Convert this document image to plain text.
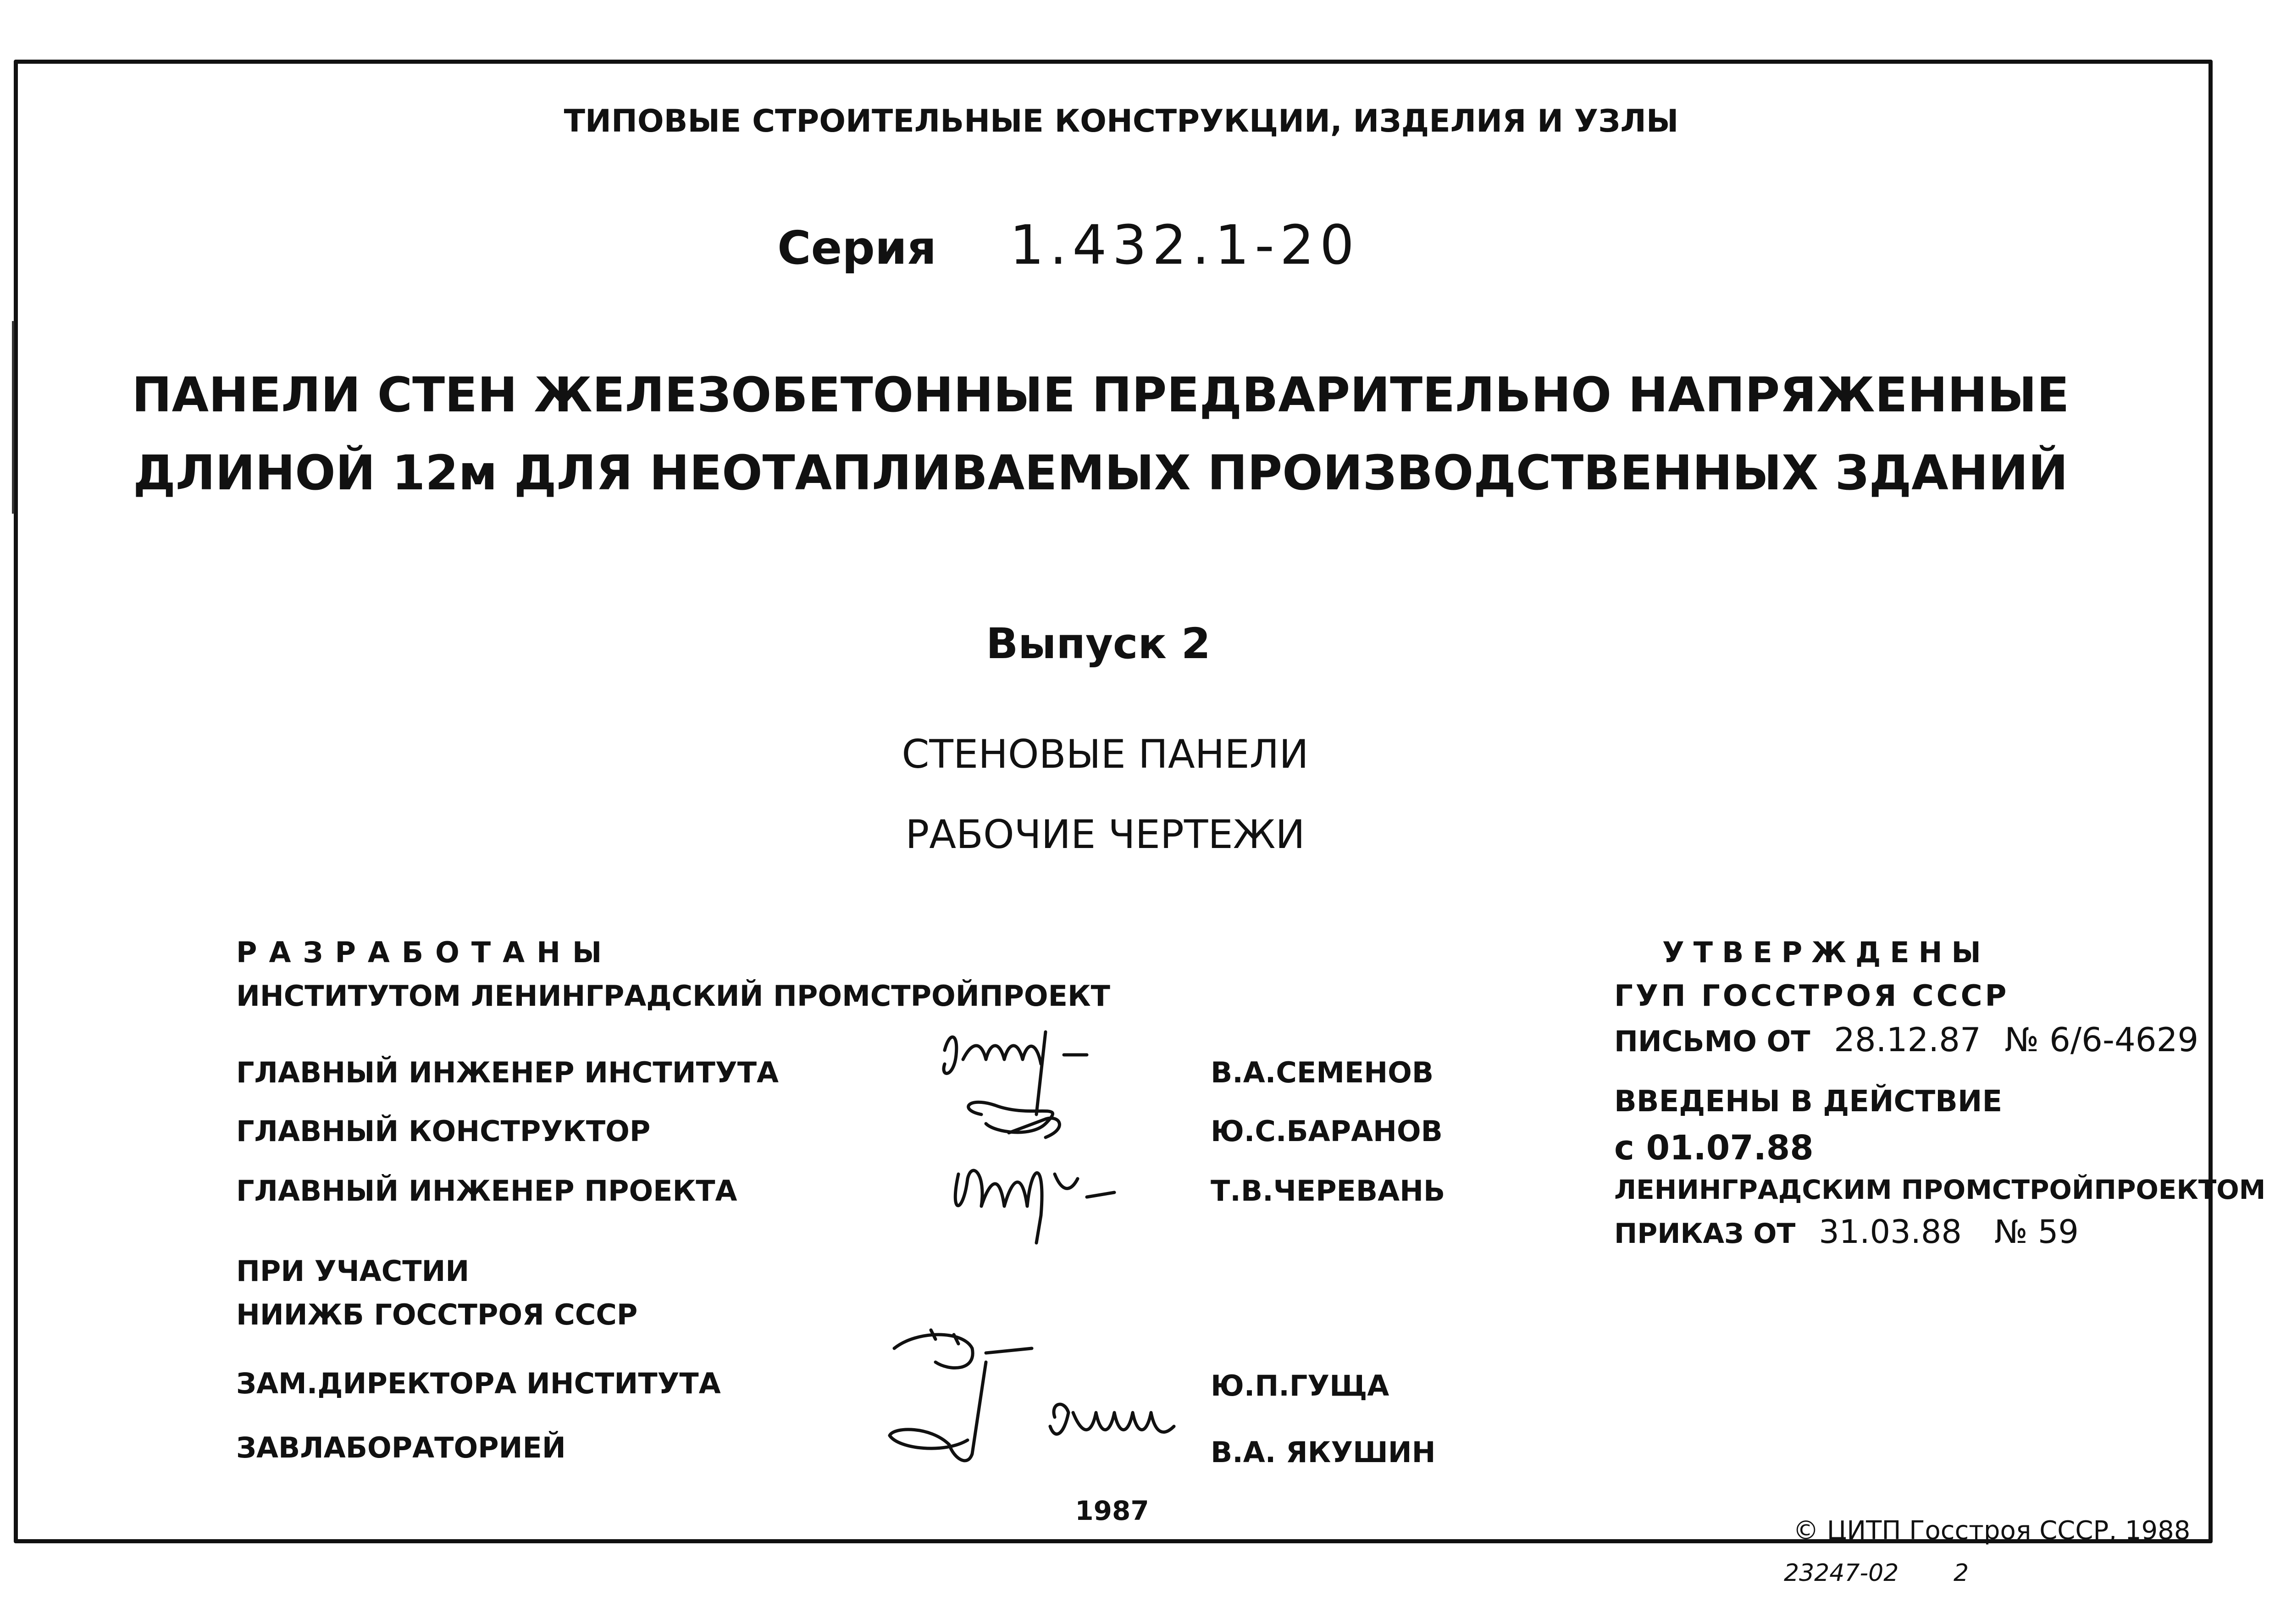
ТИПОВЫЕ СТРОИТЕЛЬНЫЕ КОНСТРУКЦИИ, ИЗДЕЛИЯ И УЗЛЫ
Серия 1.432.1-20
ПАНЕЛИ СТЕН ЖЕЛЕЗОБЕТОННЫЕ ПРЕДВАРИТЕЛЬНО НАПРЯЖЕННЫЕ
ДЛИНОЙ 12м ДЛЯ НЕОТАПЛИВАЕМЫХ ПРОИЗВОДСТВЕННЫХ ЗДАНИЙ
Выпуск 2
СТЕНОВЫЕ ПАНЕЛИ
РАБОЧИЕ ЧЕРТЕЖИ
РАЗРАБОТАНЫ
ИНСТИТУТОМ ЛЕНИНГРАДСКИЙ ПРОМСТРОЙПРОЕКТ
ГЛАВНЫЙ ИНЖЕНЕР ИНСТИТУТА	В.А.СЕМЕНОВ
ГЛАВНЫЙ КОНСТРУКТОР	Ю.С.БАРАНОВ
ГЛАВНЫЙ ИНЖЕНЕР ПРОЕКТА	Т.В.ЧЕРЕВАНЬ
ПРИ УЧАСТИИ
НИИЖБ ГОССТРОЯ СССР
ЗАМ.ДИРЕКТОРА ИНСТИТУТА	Ю.П.ГУЩА
ЗАВЛАБОРАТОРИЕЙ	В.А. ЯКУШИН
УТВЕРЖДЕНЫ
ГУП ГОССТРОЯ СССР
ПИСЬМО ОТ 28.12.87 № 6/6-4629
ВВЕДЕНЫ В ДЕЙСТВИЕ
с 01.07.88
ЛЕНИНГРАДСКИМ ПРОМСТРОЙПРОЕКТОМ
ПРИКАЗ ОТ 31.03.88 № 59
1987
© ЦИТП Госстроя СССР, 1988
23247-02 2
